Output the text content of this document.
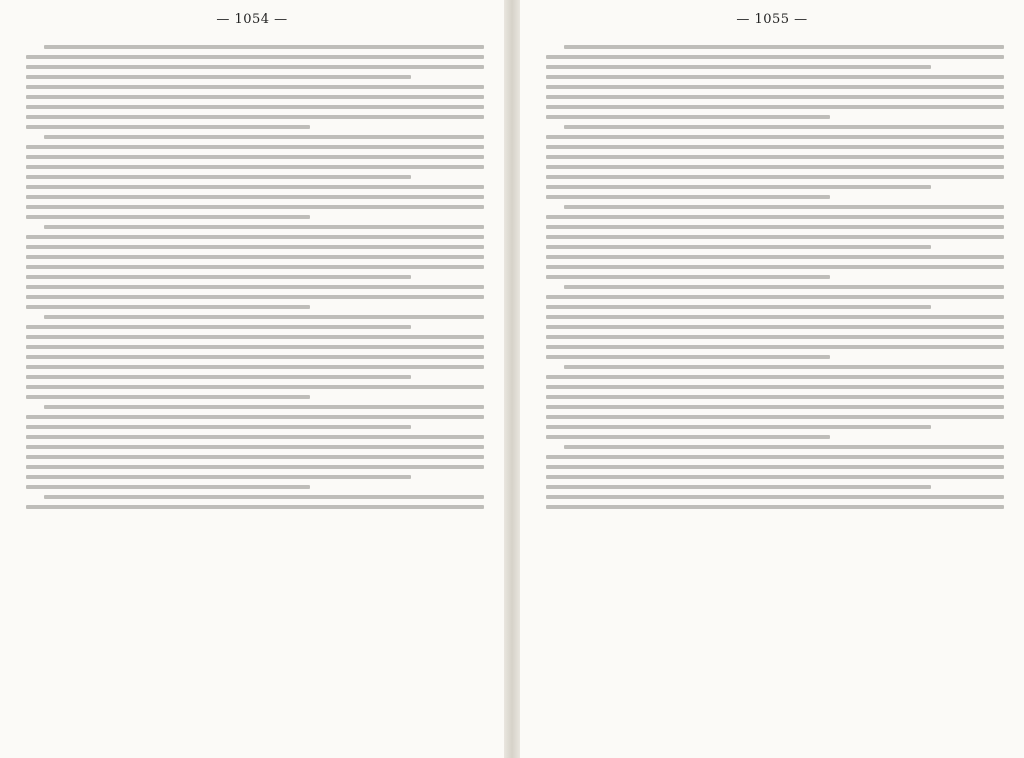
— 1054 —	— 1055 —
